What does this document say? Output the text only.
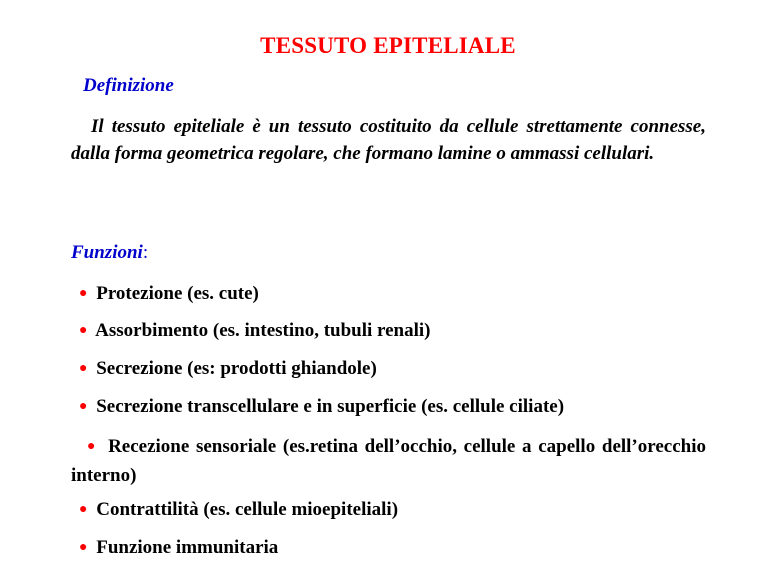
TESSUTO EPITELIALE
Definizione
Il tessuto epiteliale è un tessuto costituito da cellule strettamente connesse, dalla forma geometrica regolare, che formano lamine o ammassi cellulari.
Funzioni:
● Protezione (es. cute)
● Assorbimento (es. intestino, tubuli renali)
● Secrezione (es: prodotti ghiandole)
● Secrezione transcellulare e in superficie (es. cellule ciliate)
● Recezione sensoriale (es.retina dell’occhio, cellule a capello dell’orecchio interno)
● Contrattilità (es. cellule mioepiteliali)
● Funzione immunitaria
